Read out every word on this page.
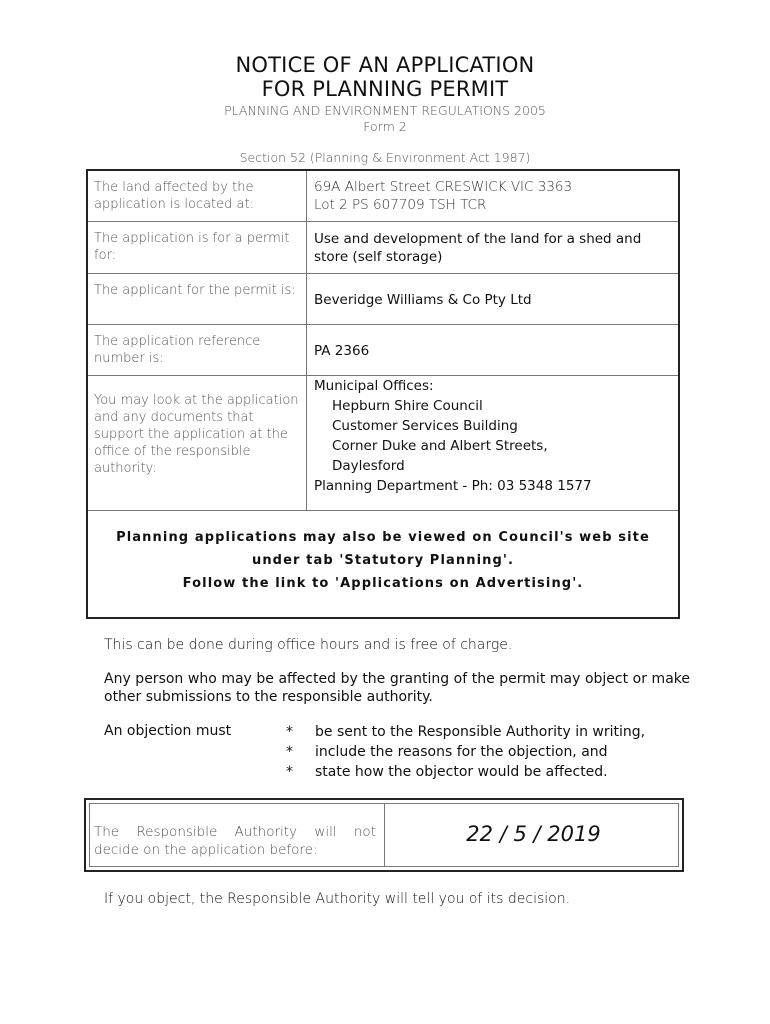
NOTICE OF AN APPLICATION
FOR PLANNING PERMIT
PLANNING AND ENVIRONMENT REGULATIONS 2005
Form 2
Section 52 (Planning & Environment Act 1987)
The land affected by the application is located at:
69A Albert Street CRESWICK VIC 3363
Lot 2 PS 607709 TSH TCR
The application is for a permit for:
Use and development of the land for a shed and store (self storage)
The applicant for the permit is:
Beveridge Williams & Co Pty Ltd
The application reference number is:	PA 2366
You may look at the application and any documents that support the application at the office of the responsible authority:
Municipal Offices:
Hepburn Shire Council
Customer Services Building
Corner Duke and Albert Streets,
Daylesford
Planning Department - Ph: 03 5348 1577
Planning applications may also be viewed on Council's web site
under tab 'Statutory Planning'.
Follow the link to 'Applications on Advertising'.
This can be done during office hours and is free of charge.
Any person who may be affected by the granting of the permit may object or make other submissions to the responsible authority.
An objection must	* be sent to the Responsible Authority in writing,
* include the reasons for the objection, and
* state how the objector would be affected.
The Responsible Authority will not
decide on the application before:
22 / 5 / 2019
If you object, the Responsible Authority will tell you of its decision.
